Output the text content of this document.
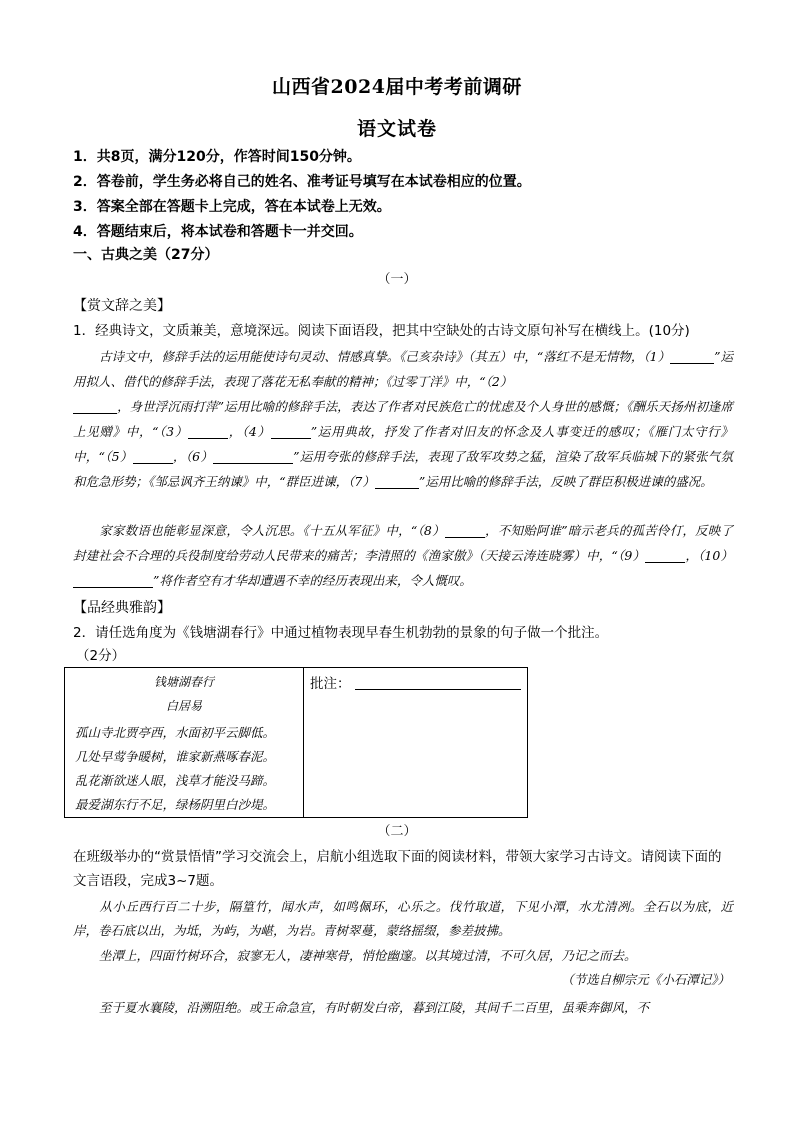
山西省2024届中考考前调研
语文试卷
1．共8页，满分120分，作答时间150分钟。
2．答卷前，学生务必将自己的姓名、准考证号填写在本试卷相应的位置。
3．答案全部在答题卡上完成，答在本试卷上无效。
4．答题结束后，将本试卷和答题卡一并交回。
一、古典之美（27分）
（一）
【赏文辞之美】
1．经典诗文，文质兼美，意境深远。阅读下面语段，把其中空缺处的古诗文原句补写在横线上。(10分)
古诗文中，修辞手法的运用能使诗句灵动、情感真挚。《己亥杂诗》（其五）中，“落红不是无情物，（1）	”运用拟人、借代的修辞手法，表现了落花无私奉献的精神；《过零丁洋》中，“（2）
，身世浮沉雨打萍”运用比喻的修辞手法，表达了作者对民族危亡的忧虑及个人身世的感慨；《酬乐天扬州初逢席上见赠》中，“（3）	，（4）	”运用典故，抒发了作者对旧友的怀念及人事变迁的感叹；《雁门太守行》中，“（5）	，（6）	”运用夸张的修辞手法，表现了敌军攻势之猛，渲染了敌军兵临城下的紧张气氛和危急形势；《邹忌讽齐王纳谏》中，“群臣进谏，（7）	”运用比喻的修辞手法，反映了群臣积极进谏的盛况。
家家数语也能彰显深意，令人沉思。《十五从军征》中，“（8）	，不知贻阿谁”暗示老兵的孤苦伶仃，反映了封建社会不合理的兵役制度给劳动人民带来的痛苦；李清照的《渔家傲》（天接云涛连晓雾）中，“（9）	，（10）”将作者空有才华却遭遇不幸的经历表现出来，令人慨叹。
【品经典雅韵】
2．请任选角度为《钱塘湖春行》中通过植物表现早春生机勃勃的景象的句子做一个批注。
（2分）
钱塘湖春行
白居易
孤山寺北贾亭西，水面初平云脚低。
几处早莺争暖树，谁家新燕啄春泥。
乱花渐欲迷人眼，浅草才能没马蹄。
最爱湖东行不足，绿杨阴里白沙堤。
批注：
（二）
在班级举办的“赏景悟情”学习交流会上，启航小组选取下面的阅读材料，带领大家学习古诗文。请阅读下面的文言语段，完成3~7题。
从小丘西行百二十步，隔篁竹，闻水声，如鸣佩环，心乐之。伐竹取道，下见小潭，水尤清冽。全石以为底，近岸，卷石底以出，为坻，为屿，为嵁，为岩。青树翠蔓，蒙络摇缀，参差披拂。
坐潭上，四面竹树环合，寂寥无人，凄神寒骨，悄怆幽邃。以其境过清，不可久居，乃记之而去。
（节选自柳宗元《小石潭记》）
至于夏水襄陵，沿溯阻绝。或王命急宣，有时朝发白帝，暮到江陵，其间千二百里，虽乘奔御风，不
